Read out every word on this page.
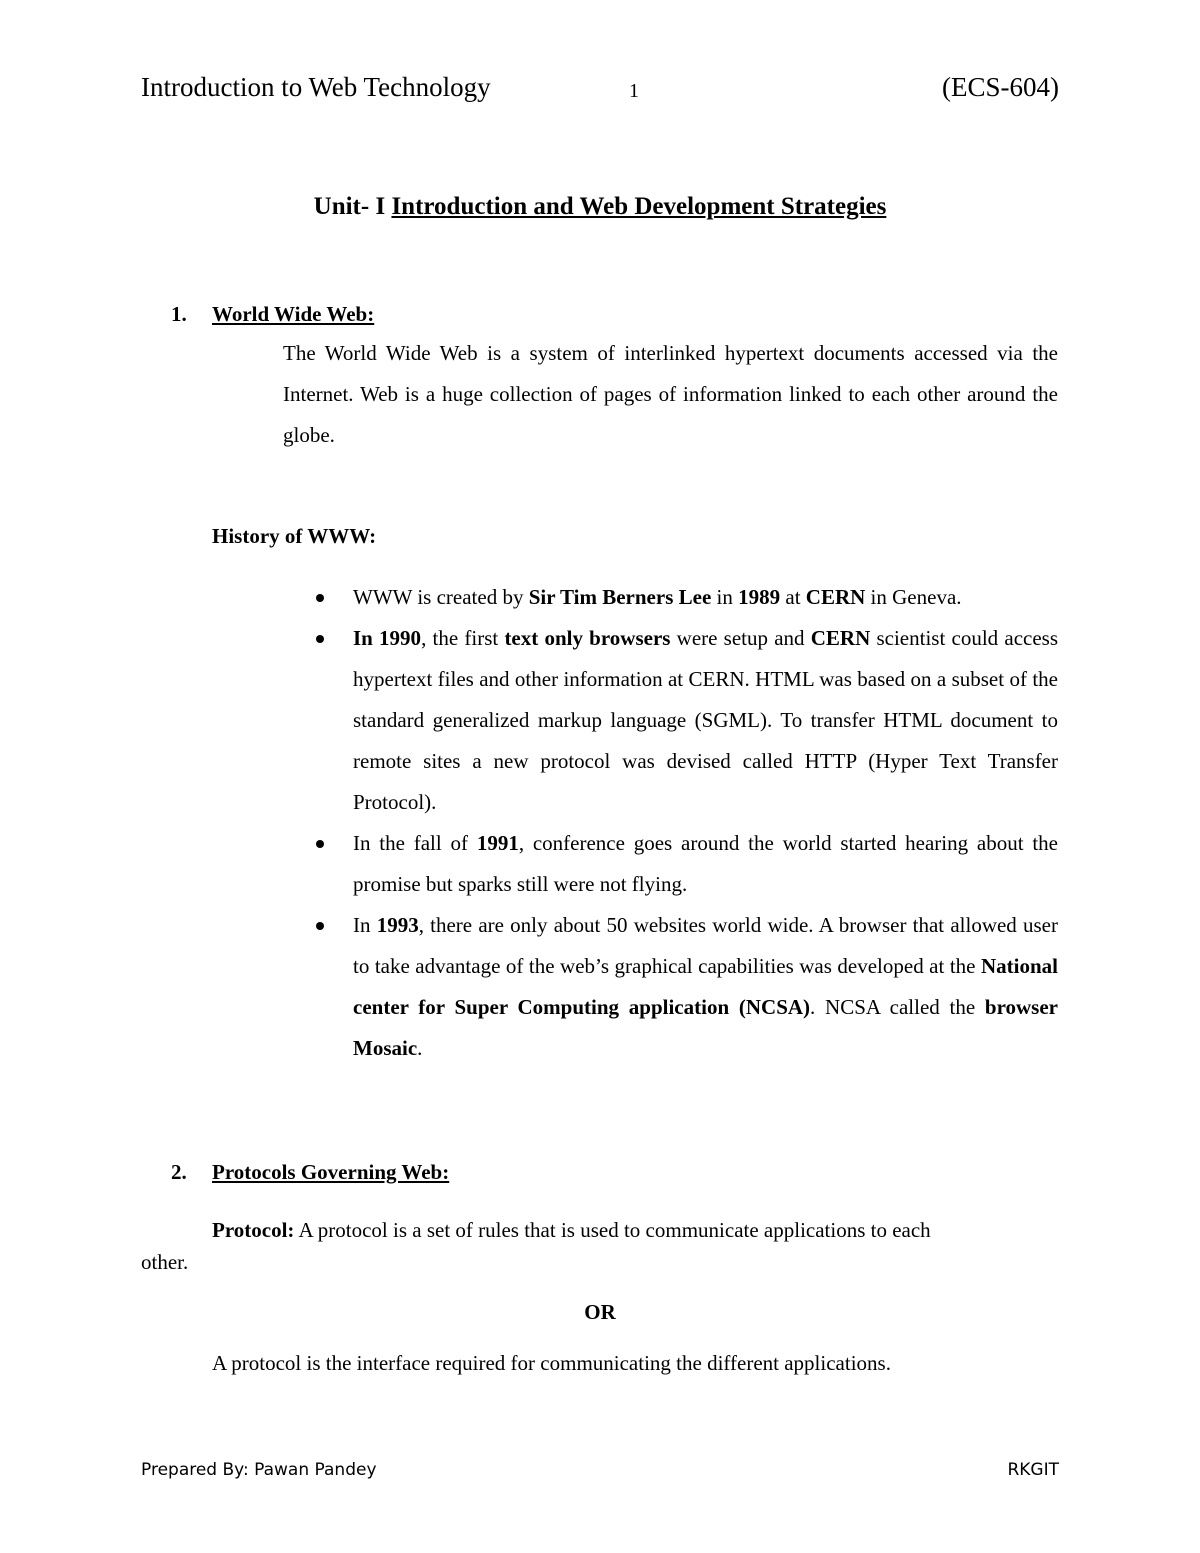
Introduction to Web Technology	1	(ECS-604)
Unit- I Introduction and Web Development Strategies
1. World Wide Web:
The World Wide Web is a system of interlinked hypertext documents accessed via the Internet. Web is a huge collection of pages of information linked to each other around the globe.
History of WWW:
WWW is created by Sir Tim Berners Lee in 1989 at CERN in Geneva.
In 1990, the first text only browsers were setup and CERN scientist could access hypertext files and other information at CERN. HTML was based on a subset of the standard generalized markup language (SGML). To transfer HTML document to remote sites a new protocol was devised called HTTP (Hyper Text Transfer Protocol).
In the fall of 1991, conference goes around the world started hearing about the promise but sparks still were not flying.
In 1993, there are only about 50 websites world wide. A browser that allowed user to take advantage of the web’s graphical capabilities was developed at the National center for Super Computing application (NCSA). NCSA called the browser Mosaic.
2. Protocols Governing Web:
Protocol: A protocol is a set of rules that is used to communicate applications to each
other.
OR
A protocol is the interface required for communicating the different applications.
Prepared By: Pawan Pandey	RKGIT
